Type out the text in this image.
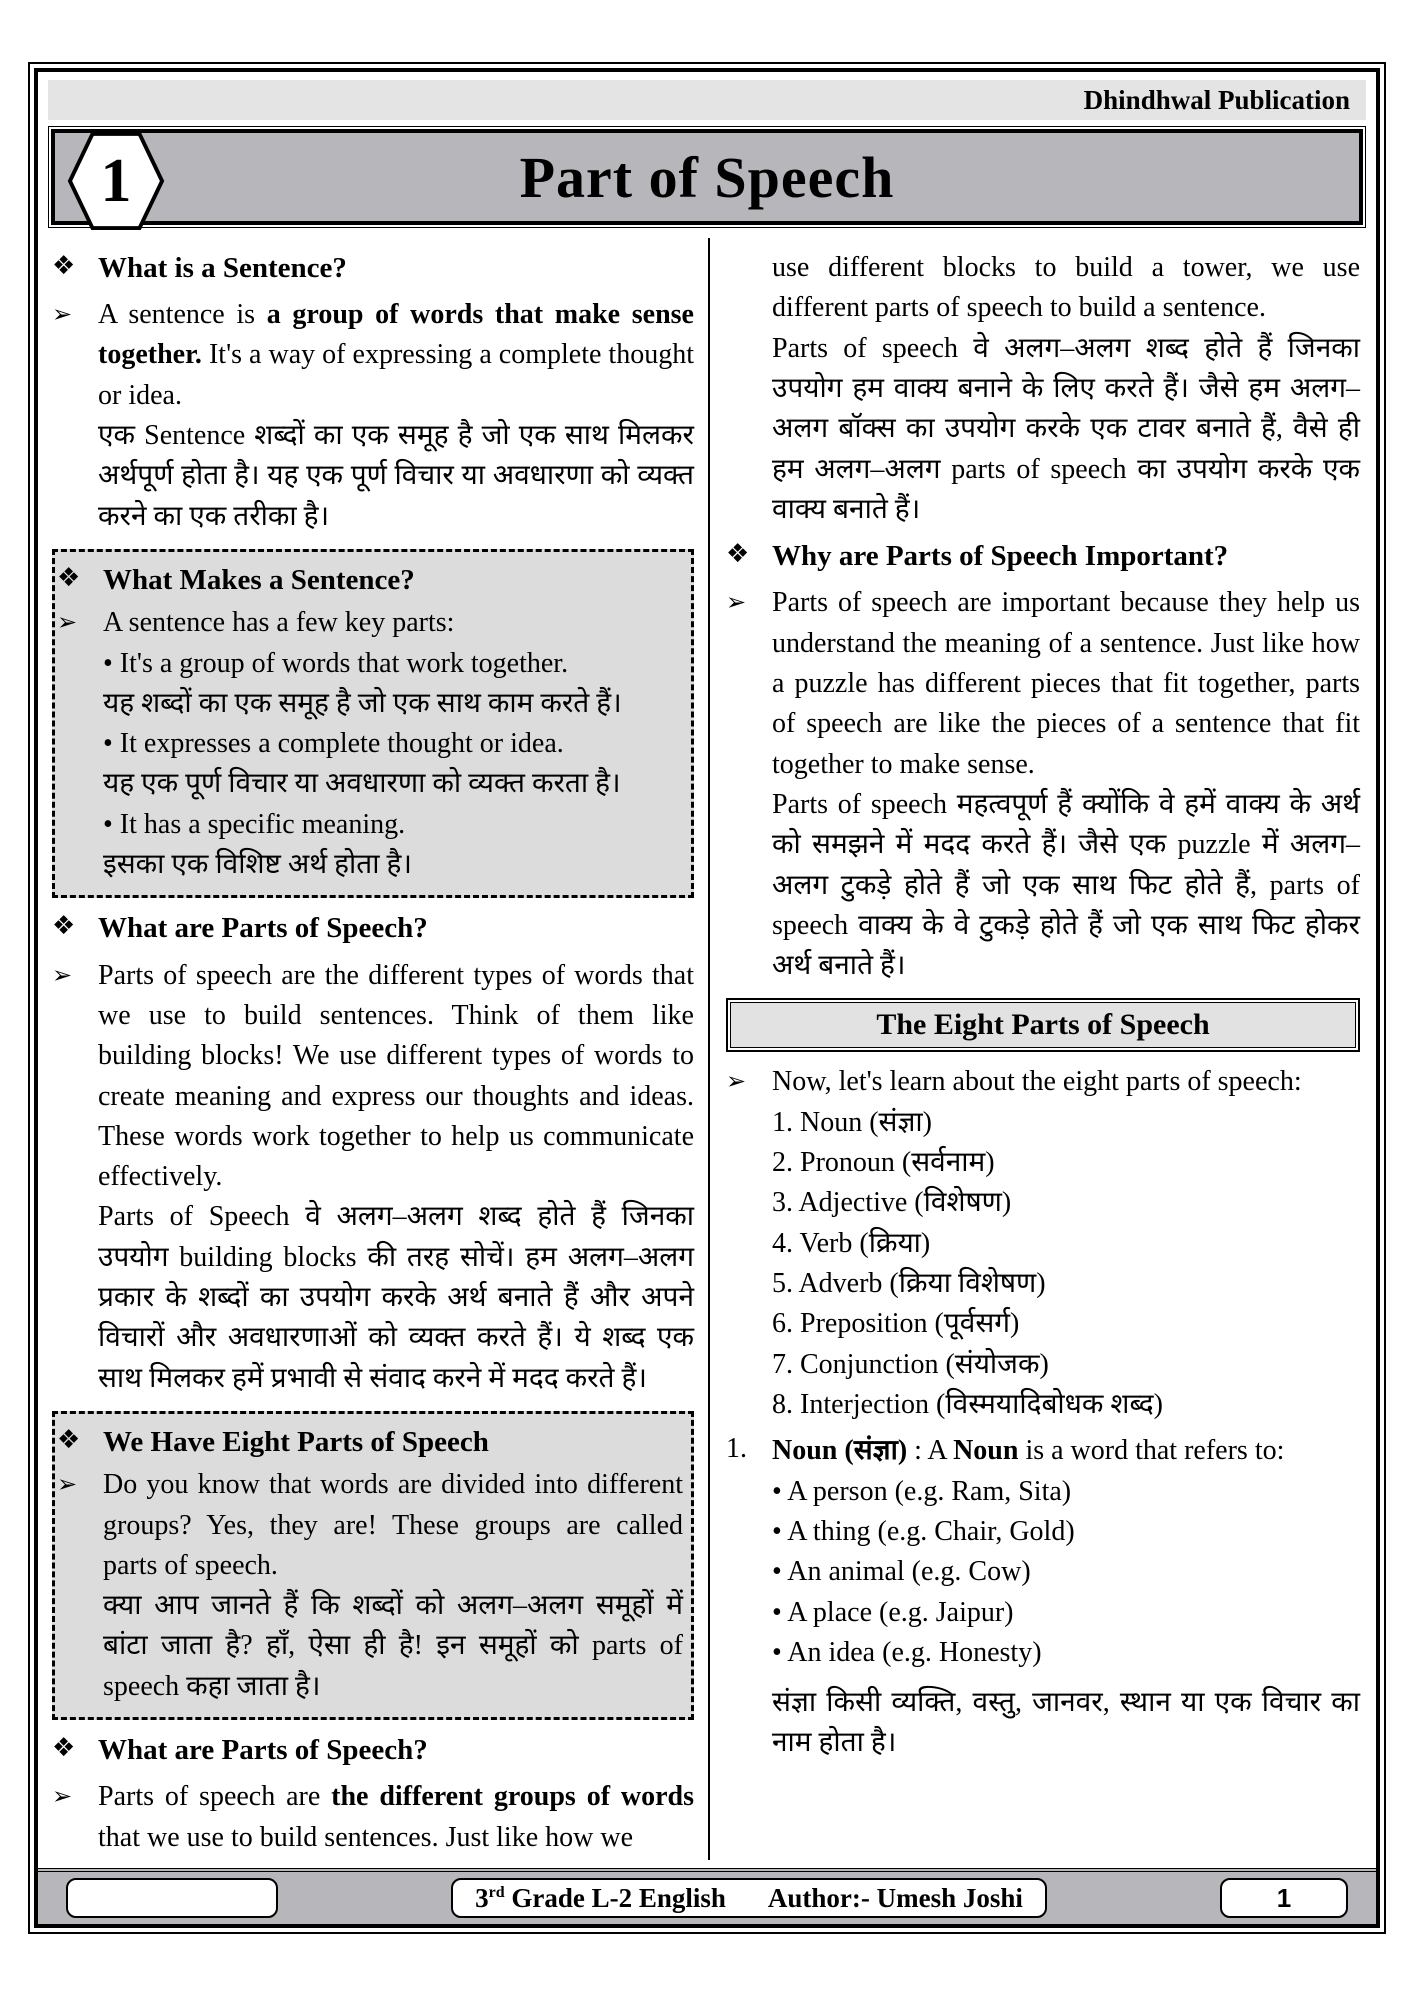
Dhindhwal Publication
1	Part of Speech
❖ What is a Sentence?
➢ A sentence is a group of words that make sense together. It's a way of expressing a complete thought or idea.
एक Sentence शब्दों का एक समूह है जो एक साथ मिलकर अर्थपूर्ण होता है। यह एक पूर्ण विचार या अवधारणा को व्यक्त करने का एक तरीका है।
❖ What Makes a Sentence?
➢ A sentence has a few key parts:
• It's a group of words that work together.
यह शब्दों का एक समूह है जो एक साथ काम करते हैं।
• It expresses a complete thought or idea.
यह एक पूर्ण विचार या अवधारणा को व्यक्त करता है।
• It has a specific meaning.
इसका एक विशिष्ट अर्थ होता है।
❖ What are Parts of Speech?
➢ Parts of speech are the different types of words that we use to build sentences. Think of them like building blocks! We use different types of words to create meaning and express our thoughts and ideas. These words work together to help us communicate effectively.
Parts of Speech वे अलग–अलग शब्द होते हैं जिनका उपयोग building blocks की तरह सोचें। हम अलग–अलग प्रकार के शब्दों का उपयोग करके अर्थ बनाते हैं और अपने विचारों और अवधारणाओं को व्यक्त करते हैं। ये शब्द एक साथ मिलकर हमें प्रभावी से संवाद करने में मदद करते हैं।
❖ We Have Eight Parts of Speech
➢ Do you know that words are divided into different groups? Yes, they are! These groups are called parts of speech.
क्या आप जानते हैं कि शब्दों को अलग–अलग समूहों में बांटा जाता है? हाँ, ऐसा ही है! इन समूहों को parts of speech कहा जाता है।
❖ What are Parts of Speech?
➢ Parts of speech are the different groups of words that we use to build sentences. Just like how we
use different blocks to build a tower, we use different parts of speech to build a sentence.
Parts of speech वे अलग–अलग शब्द होते हैं जिनका उपयोग हम वाक्य बनाने के लिए करते हैं। जैसे हम अलग–अलग बॉक्स का उपयोग करके एक टावर बनाते हैं, वैसे ही हम अलग–अलग parts of speech का उपयोग करके एक वाक्य बनाते हैं।
❖ Why are Parts of Speech Important?
➢ Parts of speech are important because they help us understand the meaning of a sentence. Just like how a puzzle has different pieces that fit together, parts of speech are like the pieces of a sentence that fit together to make sense.
Parts of speech महत्वपूर्ण हैं क्योंकि वे हमें वाक्य के अर्थ को समझने में मदद करते हैं। जैसे एक puzzle में अलग–अलग टुकड़े होते हैं जो एक साथ फिट होते हैं, parts of speech वाक्य के वे टुकड़े होते हैं जो एक साथ फिट होकर अर्थ बनाते हैं।
The Eight Parts of Speech
➢ Now, let's learn about the eight parts of speech:
1. Noun (संज्ञा)
2. Pronoun (सर्वनाम)
3. Adjective (विशेषण)
4. Verb (क्रिया)
5. Adverb (क्रिया विशेषण)
6. Preposition (पूर्वसर्ग)
7. Conjunction (संयोजक)
8. Interjection (विस्मयादिबोधक शब्द)
1. Noun (संज्ञा) : A Noun is a word that refers to:
• A person (e.g. Ram, Sita)
• A thing (e.g. Chair, Gold)
• An animal (e.g. Cow)
• A place (e.g. Jaipur)
• An idea (e.g. Honesty)
संज्ञा किसी व्यक्ति, वस्तु, जानवर, स्थान या एक विचार का नाम होता है।
3rd Grade L-2 English Author:- Umesh Joshi	1
